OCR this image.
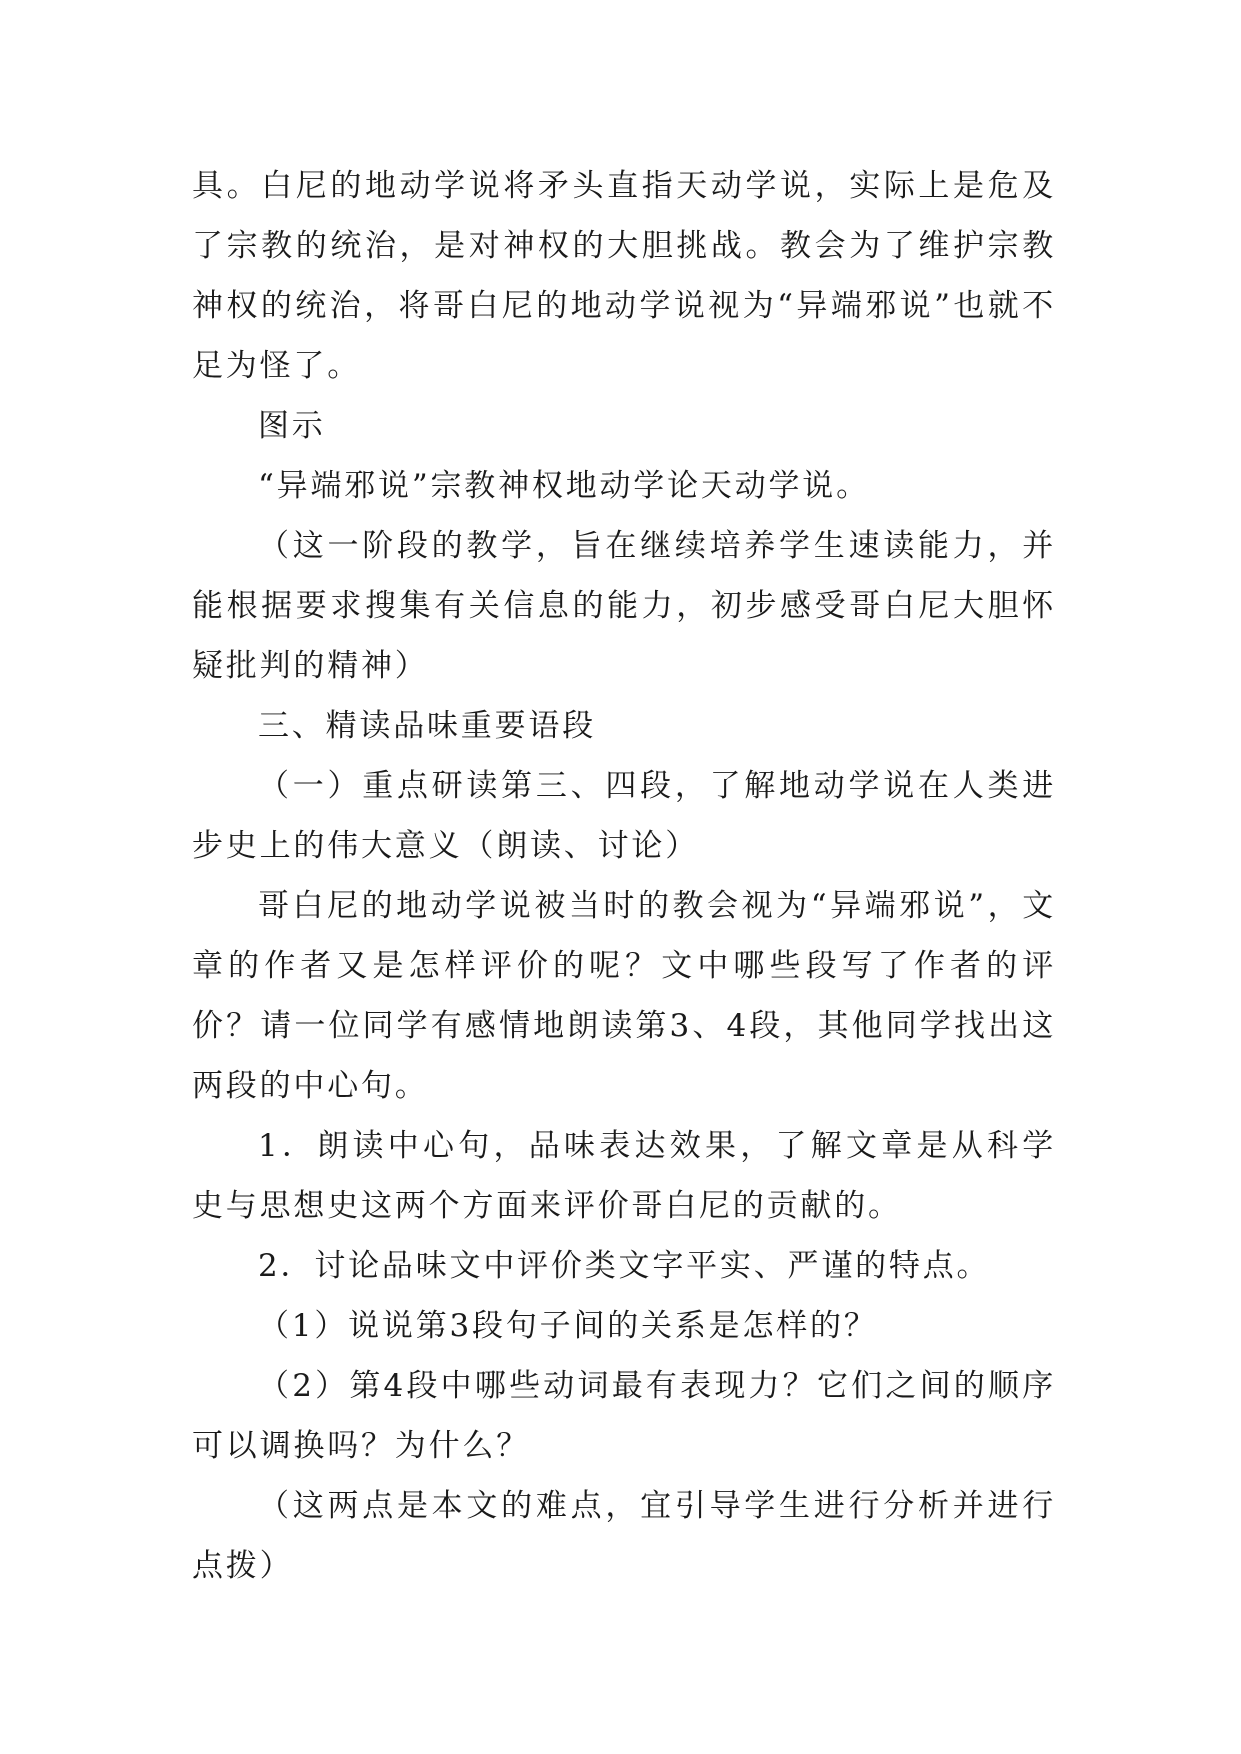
具。白尼的地动学说将矛头直指天动学说，实际上是危及了宗教的统治，是对神权的大胆挑战。教会为了维护宗教神权的统治，将哥白尼的地动学说视为“异端邪说”也就不足为怪了。

图示

“异端邪说”宗教神权地动学论天动学说。

（这一阶段的教学，旨在继续培养学生速读能力，并能根据要求搜集有关信息的能力，初步感受哥白尼大胆怀疑批判的精神）

三、精读品味重要语段

（一）重点研读第三、四段，了解地动学说在人类进步史上的伟大意义（朗读、讨论）

哥白尼的地动学说被当时的教会视为“异端邪说”，文章的作者又是怎样评价的呢？文中哪些段写了作者的评价？请一位同学有感情地朗读第3、4段，其他同学找出这两段的中心句。

1．朗读中心句，品味表达效果，了解文章是从科学史与思想史这两个方面来评价哥白尼的贡献的。

2．讨论品味文中评价类文字平实、严谨的特点。

（1）说说第3段句子间的关系是怎样的？

（2）第4段中哪些动词最有表现力？它们之间的顺序可以调换吗？为什么？

（这两点是本文的难点，宜引导学生进行分析并进行点拨）
